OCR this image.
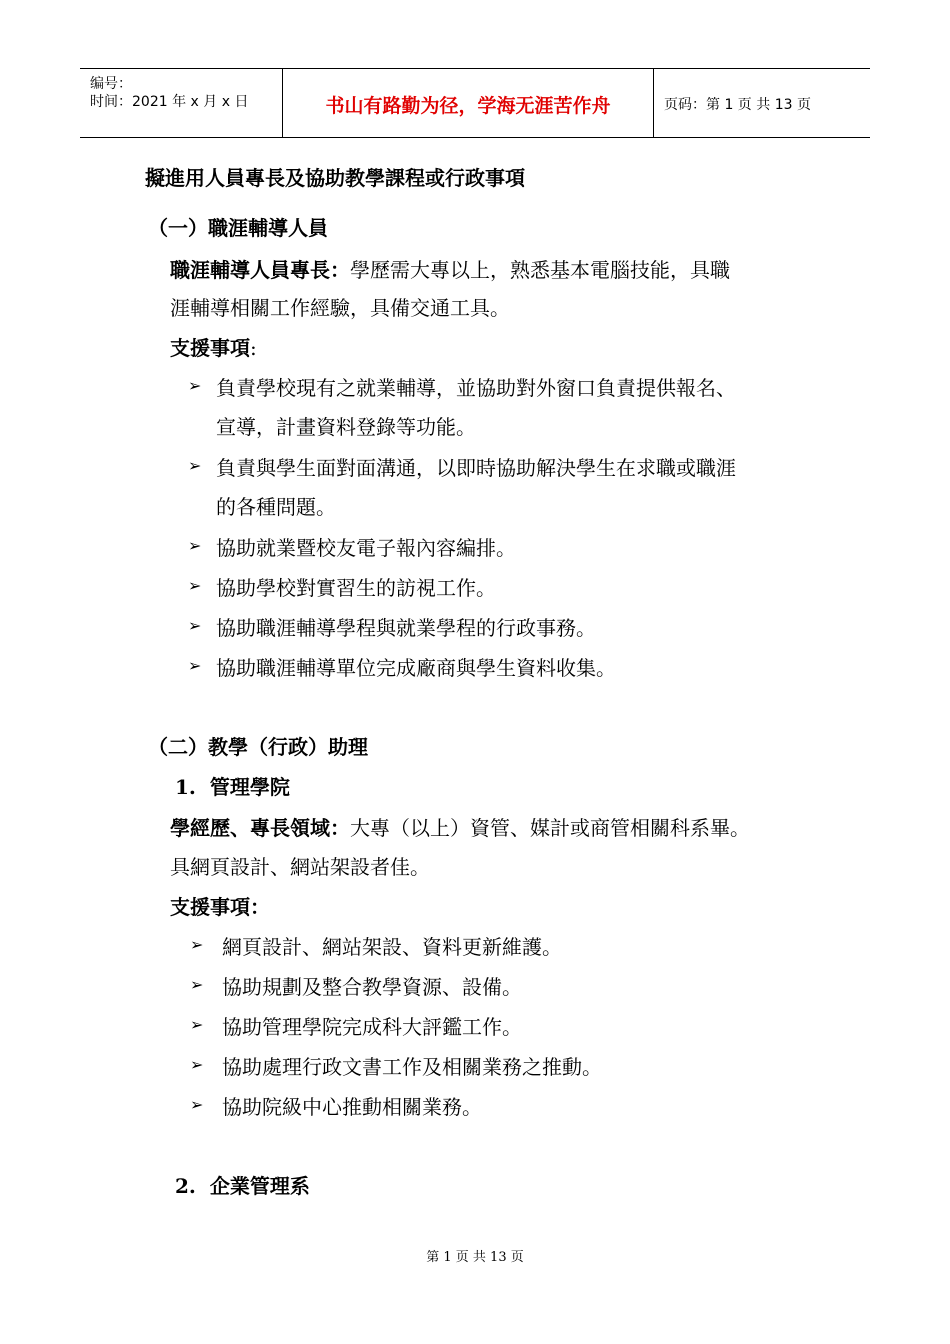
编号：
时间：2021 年 x 月 x 日	书山有路勤为径，学海无涯苦作舟	页码：第 1 页 共 13 页
擬進用人員專長及協助教學課程或行政事項
（一）職涯輔導人員
職涯輔導人員專長：學歷需大專以上，熟悉基本電腦技能，具職
涯輔導相關工作經驗，具備交通工具。
支援事項:
➢ 負責學校現有之就業輔導，並協助對外窗口負責提供報名、
宣導，計畫資料登錄等功能。
➢ 負責與學生面對面溝通，以即時協助解決學生在求職或職涯
的各種問題。
➢ 協助就業暨校友電子報內容編排。
➢ 協助學校對實習生的訪視工作。
➢ 協助職涯輔導學程與就業學程的行政事務。
➢ 協助職涯輔導單位完成廠商與學生資料收集。
（二）教學（行政）助理
1. 管理學院
學經歷、專長領域：大專（以上）資管、媒計或商管相關科系畢。
具網頁設計、網站架設者佳。
支援事項：
➢ 網頁設計、網站架設、資料更新維護。
➢ 協助規劃及整合教學資源、設備。
➢ 協助管理學院完成科大評鑑工作。
➢ 協助處理行政文書工作及相關業務之推動。
➢ 協助院級中心推動相關業務。
2. 企業管理系
第 1 页 共 13 页
